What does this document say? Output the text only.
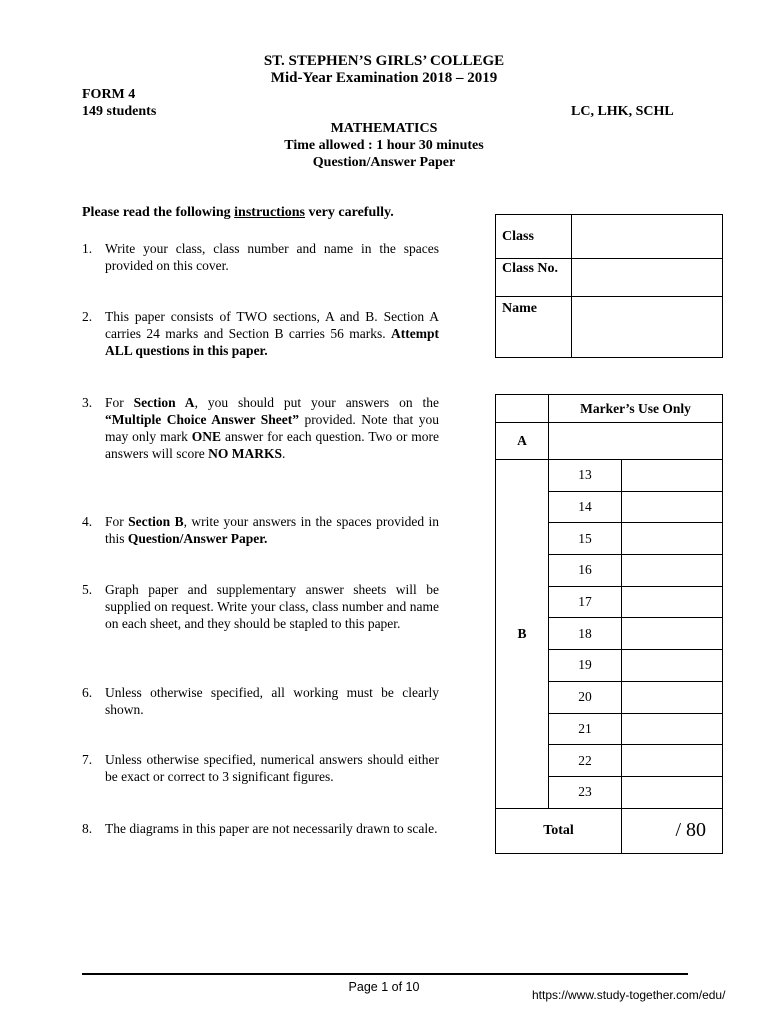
ST. STEPHEN’S GIRLS’ COLLEGE
Mid-Year Examination 2018 – 2019
FORM 4
149 students	LC, LHK, SCHL
MATHEMATICS
Time allowed : 1 hour 30 minutes
Question/Answer Paper
Please read the following instructions very carefully.
1. Write your class, class number and name in the spaces provided on this cover.
2. This paper consists of TWO sections, A and B. Section A carries 24 marks and Section B carries 56 marks. Attempt ALL questions in this paper.
3. For Section A, you should put your answers on the “Multiple Choice Answer Sheet” provided. Note that you may only mark ONE answer for each question. Two or more answers will score NO MARKS.
4. For Section B, write your answers in the spaces provided in this Question/Answer Paper.
5. Graph paper and supplementary answer sheets will be supplied on request. Write your class, class number and name on each sheet, and they should be stapled to this paper.
6. Unless otherwise specified, all working must be clearly shown.
7. Unless otherwise specified, numerical answers should either be exact or correct to 3 significant figures.
8. The diagrams in this paper are not necessarily drawn to scale.
Class	
Class No.	
Name	
	Marker’s Use Only	
A		
B	13	
	14	
	15	
	16	
	17	
	18	
	19	
	20	
	21	
	22	
	23	
Total		/ 80
Page 1 of 10
https://www.study-together.com/edu/
